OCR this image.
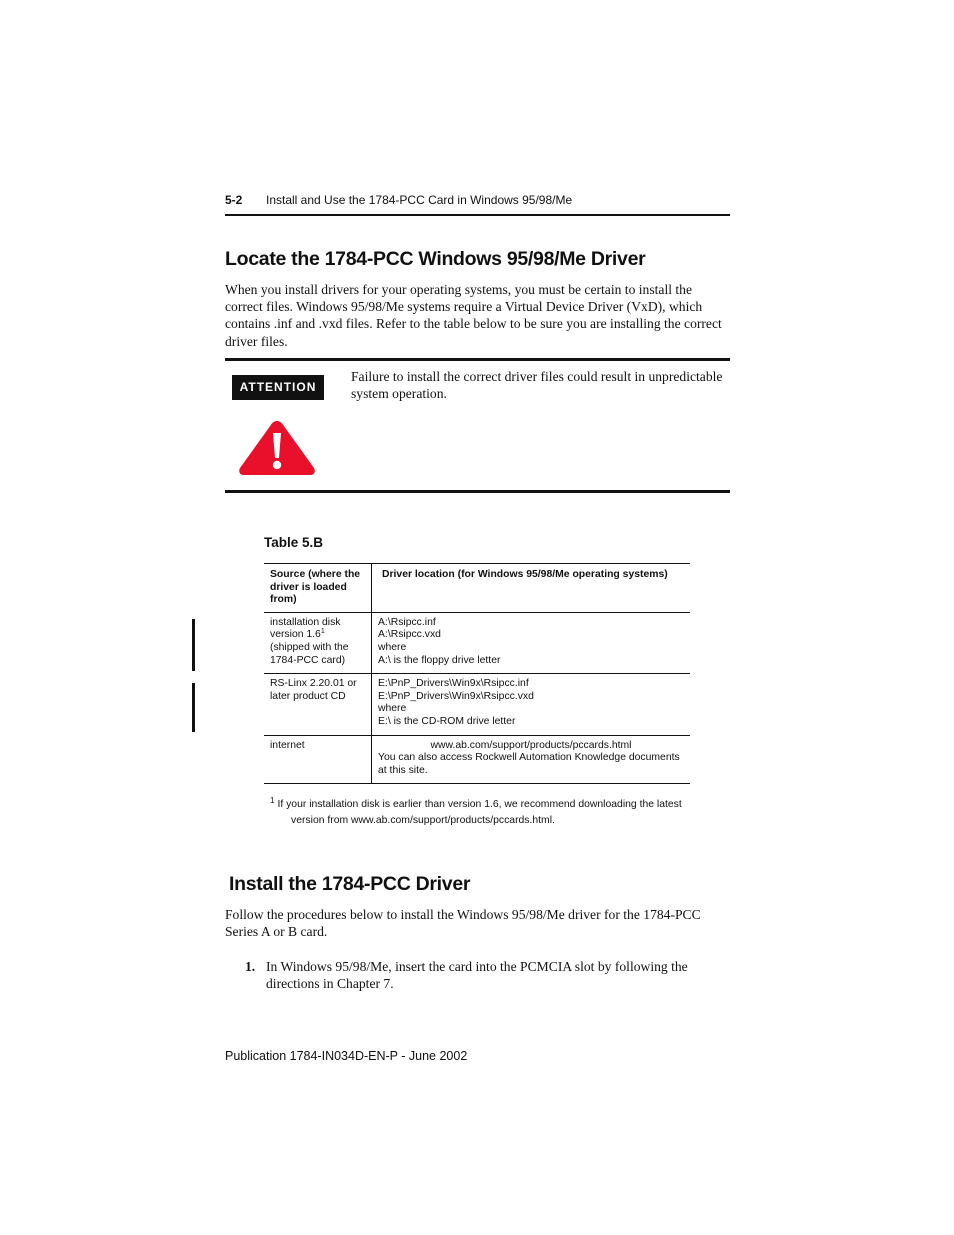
5-2 Install and Use the 1784-PCC Card in Windows 95/98/Me
Locate the 1784-PCC Windows 95/98/Me Driver

When you install drivers for your operating systems, you must be certain to install the correct files. Windows 95/98/Me systems require a Virtual Device Driver (VxD), which contains .inf and .vxd files. Refer to the table below to be sure you are installing the correct driver files.

ATTENTION

Failure to install the correct driver files could result in unpredictable system operation.

Table 5.B
Source (where the driver is loaded from)	Driver location (for Windows 95/98/Me operating systems)
installation disk version $1.6^1$ (shipped with the 1784-PCC card)	A:\Rsipcc.inf
A:\Rsipcc.vxd
where
A:\ is the floppy drive letter

RS-Linx 2.20.01 or later product CD	E:\PnP_Drivers\Win9x\Rsipcc.inf
E:\PnP_Drivers\Win9x\Rsipcc.vxd
where
E:\ is the CD-ROM drive letter

internet	www.ab.com/support/products/pccards.html
You can also access Rockwell Automation Knowledge documents at this site.
$^1$ If your installation disk is earlier than version 1.6, we recommend downloading the latest
version from www.ab.com/support/products/pccards.html.
Install the 1784-PCC Driver

Follow the procedures below to install the Windows 95/98/Me driver for the 1784-PCC Series A or B card.

1. In Windows 95/98/Me, insert the card into the PCMCIA slot by following the directions in Chapter 7.

Publication 1784-IN034D-EN-P - June 2002
